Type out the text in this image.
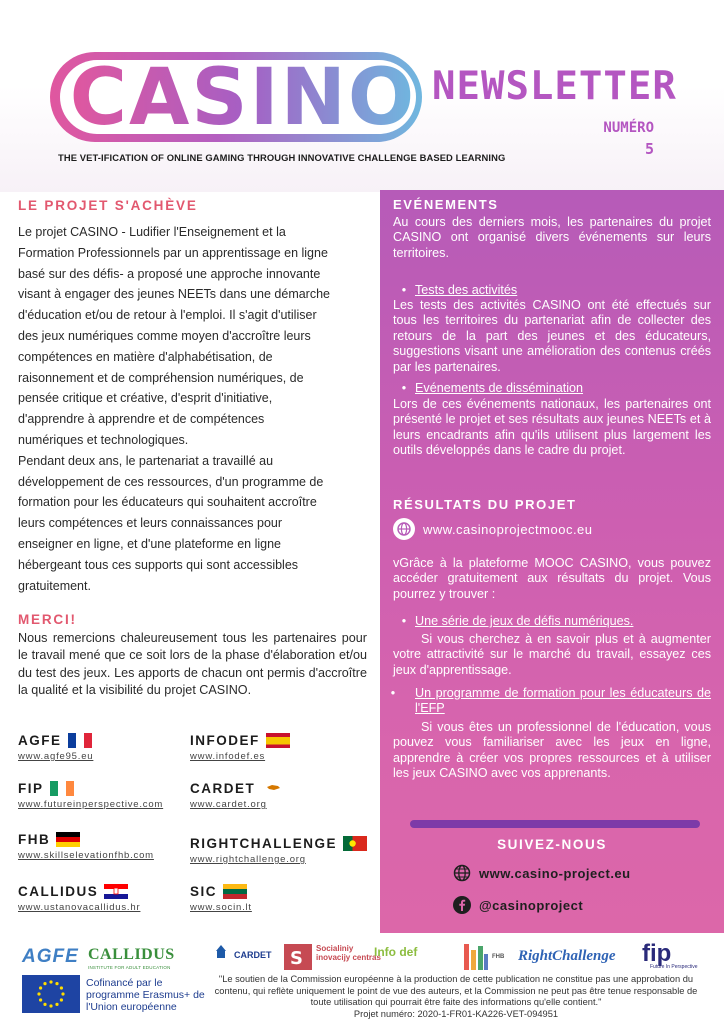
CASINO
THE VET-IFICATION OF ONLINE GAMING THROUGH INNOVATIVE CHALLENGE BASED LEARNING
NEWSLETTER
NUMÉRO
5
LE PROJET S'ACHÈVE
Le projet CASINO - Ludifier l'Enseignement et la
Formation Professionnels par un apprentissage en ligne
basé sur des défis- a proposé une approche innovante
visant à engager des jeunes NEETs dans une démarche
d'éducation et/ou de retour à l'emploi. Il s'agit d'utiliser
des jeux numériques comme moyen d'accroître leurs
compétences en matière d'alphabétisation, de
raisonnement et de compréhension numériques, de
pensée critique et créative, d'esprit d'initiative,
d'apprendre à apprendre et de compétences
numériques et technologiques.
Pendant deux ans, le partenariat a travaillé au
développement de ces ressources, d'un programme de
formation pour les éducateurs qui souhaitent accroître
leurs compétences et leurs connaissances pour
enseigner en ligne, et d'une plateforme en ligne
hébergeant tous ces supports qui sont accessibles
gratuitement.
MERCI!
Nous remercions chaleureusement tous les partenaires pour le travail mené que ce soit lors de la phase d'élaboration et/ou du test des jeux. Les apports de chacun ont permis d'accroître la qualité et la visibilité du projet CASINO.
AGFE
www.agfe95.eu
INFODEF
www.infodef.es
FIP
www.futureinperspective.com
CARDET
www.cardet.org
FHB
www.skillselevationfhb.com
RIGHTCHALLENGE
www.rightchallenge.org
CALLIDUS
www.ustanovacallidus.hr
SIC
www.socin.lt
EVÉNEMENTS
Au cours des derniers mois, les partenaires du projet CASINO ont organisé divers événements sur leurs territoires.
• Tests des activités
Les tests des activités CASINO ont été effectués sur tous les territoires du partenariat afin de collecter des retours de la part des jeunes et des éducateurs, suggestions visant une amélioration des contenus créés par les partenaires.
• Evénements de dissémination
Lors de ces événements nationaux, les partenaires ont présenté le projet et ses résultats aux jeunes NEETs et à leurs encadrants afin qu'ils utilisent plus largement les outils développés dans le cadre du projet.
RÉSULTATS DU PROJET
www.casinoprojectmooc.eu
vGrâce à la plateforme MOOC CASINO, vous pouvez accéder gratuitement aux résultats du projet. Vous pourrez y trouver :
• Une série de jeux de défis numériques.
Si vous cherchez à en savoir plus et à augmenter votre attractivité sur le marché du travail, essayez ces jeux d'apprentissage.
• Un programme de formation pour les éducateurs de l'EFP
Si vous êtes un professionnel de l'éducation, vous pouvez vous familiariser avec les jeux en ligne, apprendre à créer vos propres ressources et à utiliser les jeux CASINO avec vos apprenants.
SUIVEZ-NOUS
www.casino-project.eu
@casinoproject
AGFE CALLIDUS
INSTITUTE FOR ADULT EDUCATION
CARDET S Socialiniy inovacijy centras
Info def	FHB RightChallenge fip
Future In Perspective
Cofinancé par le programme Erasmus+ de l'Union européenne
"Le soutien de la Commission européenne à la production de cette publication ne constitue pas une approbation du contenu, qui reflète uniquement le point de vue des auteurs, et la Commission ne peut pas être tenue responsable de toute utilisation qui pourrait être faite des informations qu'elle contient."
Projet numéro: 2020-1-FR01-KA226-VET-094951
